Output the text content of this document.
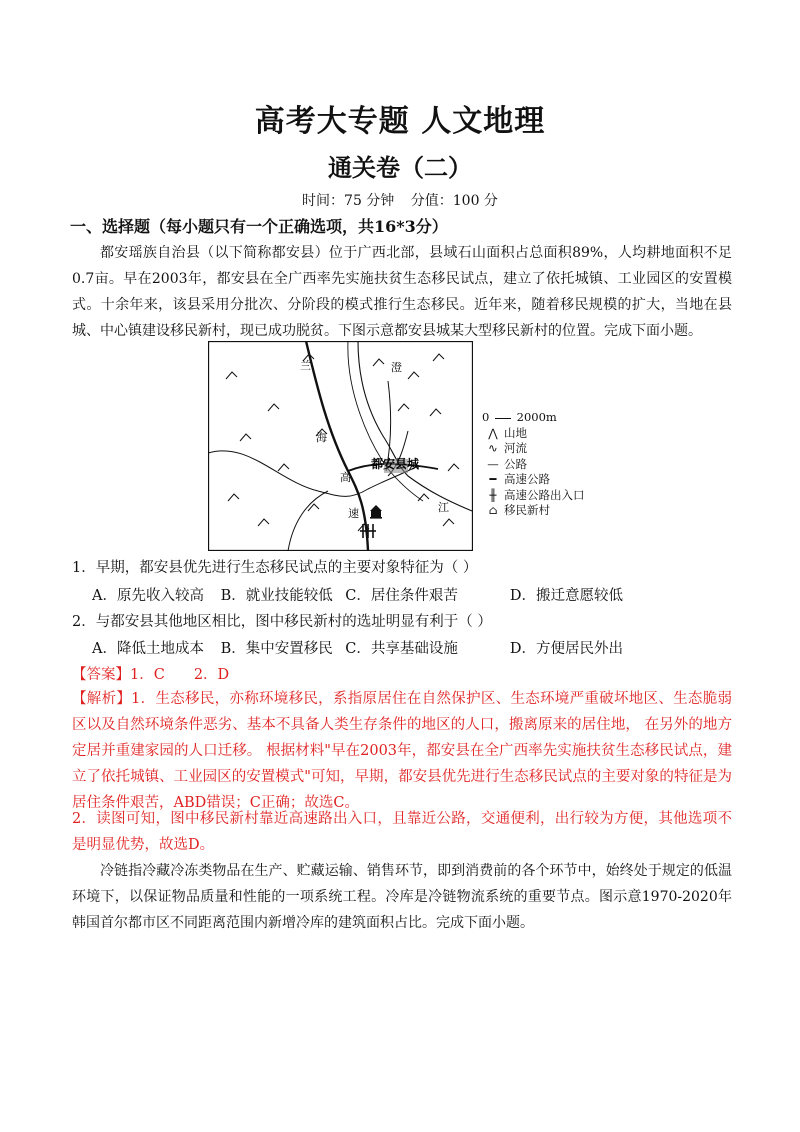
高考大专题 人文地理
通关卷（二）
时间：75 分钟 分值：100 分
一、选择题（每小题只有一个正确选项，共16*3分）
都安瑶族自治县（以下简称都安县）位于广西北部，县域石山面积占总面积89%，人均耕地面积不足0.7亩。早在2003年，都安县在全广西率先实施扶贫生态移民试点，建立了依托城镇、工业园区的安置模式。十余年来，该县采用分批次、分阶段的模式推行生态移民。近年来，随着移民规模的扩大，当地在县城、中心镇建设移民新村，现已成功脱贫。下图示意都安县城某大型移民新村的位置。完成下面小题。
兰
海
高
速
澄
江
都安县城
0 2000m
⋀ 山地
∿ 河流
— 公路
━ 高速公路
╫ 高速公路出入口
⌂ 移民新村
1．早期，都安县优先进行生态移民试点的主要对象特征为（ ）
A．原先收入较高 B．就业技能较低 C．居住条件艰苦	D．搬迁意愿较低
2．与都安县其他地区相比，图中移民新村的选址明显有利于（ ）
A．降低土地成本 B．集中安置移民 C．共享基础设施	D．方便居民外出
【答案】1．C　　2．D
【解析】1．生态移民，亦称环境移民，系指原居住在自然保护区、生态环境严重破坏地区、生态脆弱区以及自然环境条件恶劣、基本不具备人类生存条件的地区的人口，搬离原来的居住地， 在另外的地方定居并重建家园的人口迁移。 根据材料"早在2003年，都安县在全广西率先实施扶贫生态移民试点，建立了依托城镇、工业园区的安置模式"可知，早期，都安县优先进行生态移民试点的主要对象的特征是为居住条件艰苦，ABD错误；C正确；故选C。
2．读图可知，图中移民新村靠近高速路出入口，且靠近公路，交通便利，出行较为方便，其他选项不是明显优势，故选D。
冷链指冷藏冷冻类物品在生产、贮藏运输、销售环节，即到消费前的各个环节中，始终处于规定的低温环境下，以保证物品质量和性能的一项系统工程。冷库是冷链物流系统的重要节点。图示意1970-2020年韩国首尔都市区不同距离范围内新增冷库的建筑面积占比。完成下面小题。
